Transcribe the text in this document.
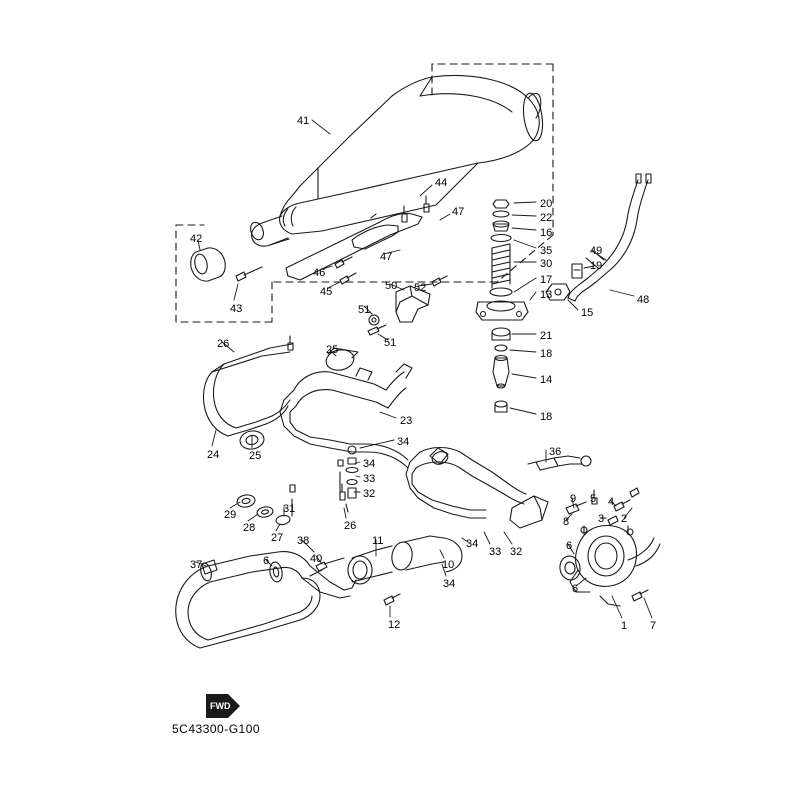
41
44
47
20
22
16
35
30
17
13
49
19
48
15
21
18
14
18
42
43
46
45
47
52
50
51
51
26	25
23
24	25	36
34
34
33
32
31
29
28
27
26
38
40
11
10
34
33 32
34
9 5 4
8	3 2
6
6
1 7
37	6
12
FWD
5C43300-G100
